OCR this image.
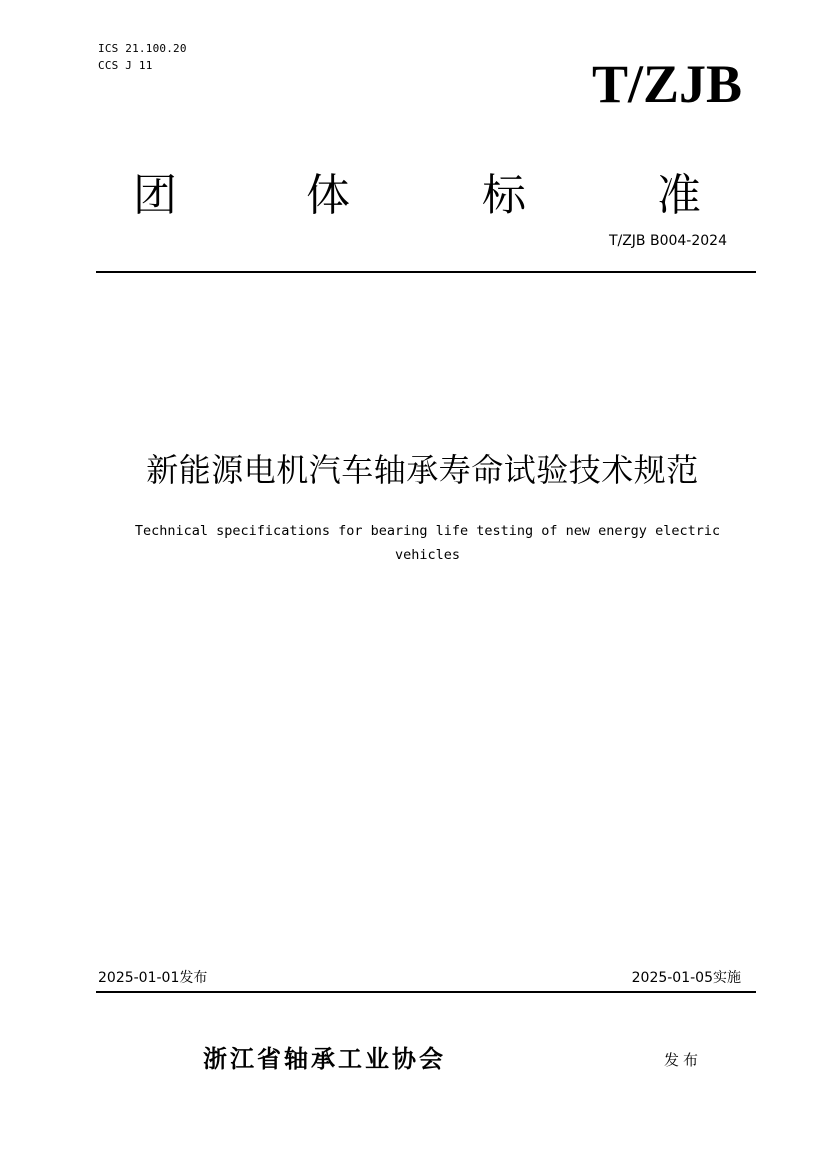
ICS 21.100.20
CCS J 11	T/ZJB
团	体	标	准
T/ZJB B004-2024
新能源电机汽车轴承寿命试验技术规范
Technical specifications for bearing life testing of new energy electric vehicles
2025-01-01发布	2025-01-05实施
浙江省轴承工业协会	发布
